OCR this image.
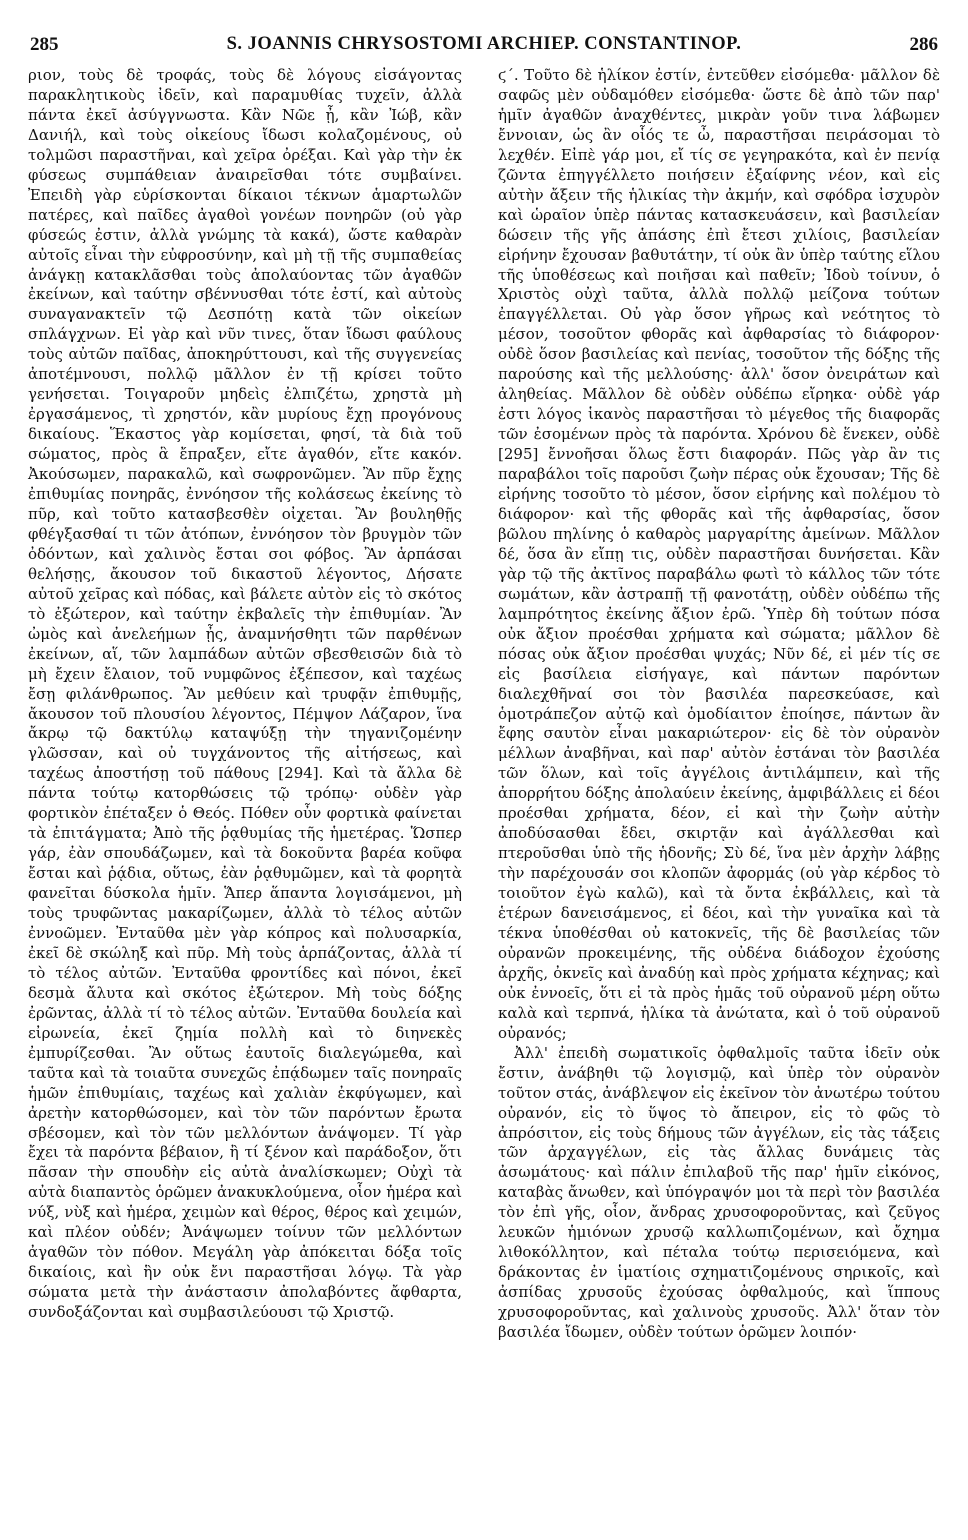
285	S. JOANNIS CHRYSOSTOMI ARCHIEP. CONSTANTINOP.	286

ριον, τοὺς δὲ τροφάς, τοὺς δὲ λόγους εἰσάγοντας παρακλητικοὺς ἰδεῖν, καὶ παραμυθίας τυχεῖν, ἀλλὰ πάντα ἐκεῖ ἀσύγγνωστα. Κἂν Νῶε ᾖ, κἂν Ἰώβ, κἂν Δανιήλ, καὶ τοὺς οἰκείους ἴδωσι κολαζομένους, οὐ τολμῶσι παραστῆναι, καὶ χεῖρα ὀρέξαι. Καὶ γὰρ τὴν ἐκ φύσεως συμπάθειαν ἀναιρεῖσθαι τότε συμβαίνει. Ἐπειδὴ γὰρ εὑρίσκονται δίκαιοι τέκνων ἁμαρτωλῶν πατέρες, καὶ παῖδες ἀγαθοὶ γονέων πονηρῶν (οὐ γὰρ φύσεώς ἐστιν, ἀλλὰ γνώμης τὰ κακά), ὥστε καθαρὰν αὐτοῖς εἶναι τὴν εὐφροσύνην, καὶ μὴ τῇ τῆς συμπαθείας ἀνάγκῃ κατακλᾶσθαι τοὺς ἀπολαύοντας τῶν ἀγαθῶν ἐκείνων, καὶ ταύτην σβέννυσθαι τότε ἐστί, καὶ αὐτοὺς συναγανακτεῖν τῷ Δεσπότῃ κατὰ τῶν οἰκείων σπλάγχνων. Εἰ γὰρ καὶ νῦν τινες, ὅταν ἴδωσι φαύλους τοὺς αὐτῶν παῖδας, ἀποκηρύττουσι, καὶ τῆς συγγενείας ἀποτέμνουσι, πολλῷ μᾶλλον ἐν τῇ κρίσει τοῦτο γενήσεται. Τοιγαροῦν μηδεὶς ἐλπιζέτω, χρηστὰ μὴ ἐργασάμενος, τὶ χρηστόν, κἂν μυρίους ἔχῃ προγόνους δικαίους. Ἕκαστος γὰρ κομίσεται, φησί, τὰ διὰ τοῦ σώματος, πρὸς ἃ ἔπραξεν, εἴτε ἀγαθόν, εἴτε κακόν. Ἀκούσωμεν, παρακαλῶ, καὶ σωφρονῶμεν. Ἂν πῦρ ἔχῃς ἐπιθυμίας πονηρᾶς, ἐννόησον τῆς κολάσεως ἐκείνης τὸ πῦρ, καὶ τοῦτο κατασβεσθὲν οἰχεται. Ἂν βουληθῇς φθέγξασθαί τι τῶν ἀτόπων, ἐννόησον τὸν βρυγμὸν τῶν ὀδόντων, καὶ χαλινὸς ἔσται σοι φόβος. Ἂν ἁρπάσαι θελήσῃς, ἄκουσον τοῦ δικαστοῦ λέγοντος, Δήσατε αὐτοῦ χεῖρας καὶ πόδας, καὶ βάλετε αὐτὸν εἰς τὸ σκότος τὸ ἐξώτερον, καὶ ταύτην ἐκβαλεῖς τὴν ἐπιθυμίαν. Ἂν ὠμὸς καὶ ἀνελεήμων ᾖς, ἀναμνήσθητι τῶν παρθένων ἐκείνων, αἵ, τῶν λαμπάδων αὐτῶν σβεσθεισῶν διὰ τὸ μὴ ἔχειν ἔλαιον, τοῦ νυμφῶνος ἐξέπεσον, καὶ ταχέως ἔσῃ φιλάνθρωπος. Ἂν μεθύειν καὶ τρυφᾷν ἐπιθυμῇς, ἄκουσον τοῦ πλουσίου λέγοντος, Πέμψον Λάζαρον, ἵνα ἄκρῳ τῷ δακτύλῳ καταψύξῃ τὴν τηγανιζομένην γλῶσσαν, καὶ οὐ τυγχάνοντος τῆς αἰτήσεως, καὶ ταχέως ἀποστήσῃ τοῦ πάθους [294]. Καὶ τὰ ἄλλα δὲ πάντα τούτῳ κατορθώσεις τῷ τρόπῳ· οὐδὲν γὰρ φορτικὸν ἐπέταξεν ὁ Θεός. Πόθεν οὖν φορτικὰ φαίνεται τὰ ἐπιτάγματα; Ἀπὸ τῆς ῥᾳθυμίας τῆς ἡμετέρας. Ὥσπερ γάρ, ἐὰν σπουδάζωμεν, καὶ τὰ δοκοῦντα βαρέα κοῦφα ἔσται καὶ ῥᾴδια, οὕτως, ἐὰν ῥᾳθυμῶμεν, καὶ τὰ φορητὰ φανεῖται δύσκολα ἡμῖν. Ἅπερ ἅπαντα λογισάμενοι, μὴ τοὺς τρυφῶντας μακαρίζωμεν, ἀλλὰ τὸ τέλος αὐτῶν ἐννοῶμεν. Ἐνταῦθα μὲν γὰρ κόπρος καὶ πολυσαρκία, ἐκεῖ δὲ σκώληξ καὶ πῦρ. Μὴ τοὺς ἁρπάζοντας, ἀλλὰ τί τὸ τέλος αὐτῶν. Ἐνταῦθα φροντίδες καὶ πόνοι, ἐκεῖ δεσμὰ ἄλυτα καὶ σκότος ἐξώτερον. Μὴ τοὺς δόξης ἐρῶντας, ἀλλὰ τί τὸ τέλος αὐτῶν. Ἐνταῦθα δουλεία καὶ εἰρωνεία, ἐκεῖ ζημία πολλὴ καὶ τὸ διηνεκὲς ἐμπυρίζεσθαι. Ἂν οὕτως ἑαυτοῖς διαλεγώμεθα, καὶ ταῦτα καὶ τὰ τοιαῦτα συνεχῶς ἐπᾴδωμεν ταῖς πονηραῖς ἡμῶν ἐπιθυμίαις, ταχέως καὶ χαλιὰν ἐκφύγωμεν, καὶ ἀρετὴν κατορθώσομεν, καὶ τὸν τῶν παρόντων ἔρωτα σβέσομεν, καὶ τὸν τῶν μελλόντων ἀνάψομεν. Τί γὰρ ἔχει τὰ παρόντα βέβαιον, ἢ τί ξένον καὶ παράδοξον, ὅτι πᾶσαν τὴν σπουδὴν εἰς αὐτὰ ἀναλίσκωμεν; Οὐχὶ τὰ αὐτὰ διαπαντὸς ὁρῶμεν ἀνακυκλούμενα, οἷον ἡμέρα καὶ νύξ, νὺξ καὶ ἡμέρα, χειμὼν καὶ θέρος, θέρος καὶ χειμών, καὶ πλέον οὐδέν; Ἀνάψωμεν τοίνυν τῶν μελλόντων ἀγαθῶν τὸν πόθον. Μεγάλη γὰρ ἀπόκειται δόξα τοῖς δικαίοις, καὶ ἣν οὐκ ἔνι παραστῆσαι λόγῳ. Τὰ γὰρ σώματα μετὰ τὴν ἀνάστασιν ἀπολαβόντες ἄφθαρτα, συνδοξάζονται καὶ συμβασιλεύουσι τῷ Χριστῷ.

ϛ΄. Τοῦτο δὲ ἡλίκον ἐστίν, ἐντεῦθεν εἰσόμεθα· μᾶλλον δὲ σαφῶς μὲν οὐδαμόθεν εἰσόμεθα· ὥστε δὲ ἀπὸ τῶν παρ' ἡμῖν ἀγαθῶν ἀναχθέντες, μικρὰν γοῦν τινα λάβωμεν ἔννοιαν, ὡς ἂν οἷός τε ὦ, παραστῆσαι πειράσομαι τὸ λεχθέν. Εἰπὲ γάρ μοι, εἴ τίς σε γεγηρακότα, καὶ ἐν πενίᾳ ζῶντα ἐπηγγέλλετο ποιήσειν ἐξαίφνης νέον, καὶ εἰς αὐτὴν ἄξειν τῆς ἡλικίας τὴν ἀκμήν, καὶ σφόδρα ἰσχυρὸν καὶ ὡραῖον ὑπὲρ πάντας κατασκευάσειν, καὶ βασιλείαν δώσειν τῆς γῆς ἁπάσης ἐπὶ ἔτεσι χιλίοις, βασιλείαν εἰρήνην ἔχουσαν βαθυτάτην, τί οὐκ ἂν ὑπὲρ ταύτης εἵλου τῆς ὑποθέσεως καὶ ποιῆσαι καὶ παθεῖν; Ἰδοὺ τοίνυν, ὁ Χριστὸς οὐχὶ ταῦτα, ἀλλὰ πολλῷ μείζονα τούτων ἐπαγγέλλεται. Οὐ γὰρ ὅσον γῆρως καὶ νεότητος τὸ μέσον, τοσοῦτον φθορᾶς καὶ ἀφθαρσίας τὸ διάφορον· οὐδὲ ὅσον βασιλείας καὶ πενίας, τοσοῦτον τῆς δόξης τῆς παρούσης καὶ τῆς μελλούσης· ἀλλ' ὅσον ὀνειράτων καὶ ἀληθείας. Μᾶλλον δὲ οὐδὲν οὐδέπω εἴρηκα· οὐδὲ γάρ ἐστι λόγος ἱκανὸς παραστῆσαι τὸ μέγεθος τῆς διαφορᾶς τῶν ἐσομένων πρὸς τὰ παρόντα. Χρόνου δὲ ἕνεκεν, οὐδὲ [295] ἔννοῆσαι ὅλως ἔστι διαφοράν. Πῶς γὰρ ἂν τις παραβάλοι τοῖς παροῦσι ζωὴν πέρας οὐκ ἔχουσαν; Τῆς δὲ εἰρήνης τοσοῦτο τὸ μέσον, ὅσον εἰρήνης καὶ πολέμου τὸ διάφορον· καὶ τῆς φθορᾶς καὶ τῆς ἀφθαρσίας, ὅσον βῶλου πηλίνης ὁ καθαρὸς μαργαρίτης ἀμείνων. Μᾶλλον δέ, ὅσα ἂν εἴπῃ τις, οὐδὲν παραστῆσαι δυνήσεται. Κἂν γὰρ τῷ τῆς ἀκτῖνος παραβάλω φωτὶ τὸ κάλλος τῶν τότε σωμάτων, κἂν ἀστραπῇ τῇ φανοτάτῃ, οὐδὲν οὐδέπω τῆς λαμπρότητος ἐκείνης ἄξιον ἐρῶ. Ὑπὲρ δὴ τούτων πόσα οὐκ ἄξιον προέσθαι χρήματα καὶ σώματα; μᾶλλον δὲ πόσας οὐκ ἄξιον προέσθαι ψυχάς; Νῦν δέ, εἰ μέν τίς σε εἰς βασίλεια εἰσήγαγε, καὶ πάντων παρόντων διαλεχθῆναί σοι τὸν βασιλέα παρεσκεύασε, καὶ ὁμοτράπεζον αὐτῷ καὶ ὁμοδίαιτον ἐποίησε, πάντων ἂν ἔφης σαυτὸν εἶναι μακαριώτερον· εἰς δὲ τὸν οὐρανὸν μέλλων ἀναβῆναι, καὶ παρ' αὐτὸν ἑστάναι τὸν βασιλέα τῶν ὅλων, καὶ τοῖς ἀγγέλοις ἀντιλάμπειν, καὶ τῆς ἀπορρήτου δόξης ἀπολαύειν ἐκείνης, ἀμφιβάλλεις εἰ δέοι προέσθαι χρήματα, δέον, εἰ καὶ τὴν ζωὴν αὐτὴν ἀποδύσασθαι ἔδει, σκιρτᾷν καὶ ἀγάλλεσθαι καὶ πτεροῦσθαι ὑπὸ τῆς ἡδονῆς; Σὺ δέ, ἵνα μὲν ἀρχὴν λάβῃς τὴν παρέχουσάν σοι κλοπῶν ἀφορμάς (οὐ γὰρ κέρδος τὸ τοιοῦτον ἐγὼ καλῶ), καὶ τὰ ὄντα ἐκβάλλεις, καὶ τὰ ἑτέρων δανεισάμενος, εἰ δέοι, καὶ τὴν γυναῖκα καὶ τὰ τέκνα ὑποθέσθαι οὐ κατοκνεῖς, τῆς δὲ βασιλείας τῶν οὐρανῶν προκειμένης, τῆς οὐδένα διάδοχον ἐχούσης ἀρχῆς, ὀκνεῖς καὶ ἀναδύῃ καὶ πρὸς χρήματα κέχηνας; καὶ οὐκ ἐννοεῖς, ὅτι εἰ τὰ πρὸς ἡμᾶς τοῦ οὐρανοῦ μέρη οὕτω καλὰ καὶ τερπνά, ἡλίκα τὰ ἀνώτατα, καὶ ὁ τοῦ οὐρανοῦ οὐρανός;

Ἀλλ' ἐπειδὴ σωματικοῖς ὀφθαλμοῖς ταῦτα ἰδεῖν οὐκ ἔστιν, ἀνάβηθι τῷ λογισμῷ, καὶ ὑπὲρ τὸν οὐρανὸν τοῦτον στάς, ἀνάβλεψον εἰς ἐκεῖνον τὸν ἀνωτέρω τούτου οὐρανόν, εἰς τὸ ὕψος τὸ ἄπειρον, εἰς τὸ φῶς τὸ ἀπρόσιτον, εἰς τοὺς δήμους τῶν ἀγγέλων, εἰς τὰς τάξεις τῶν ἀρχαγγέλων, εἰς τὰς ἄλλας δυνάμεις τὰς ἀσωμάτους· καὶ πάλιν ἐπιλαβοῦ τῆς παρ' ἡμῖν εἰκόνος, καταβὰς ἄνωθεν, καὶ ὑπόγραψόν μοι τὰ περὶ τὸν βασιλέα τὸν ἐπὶ γῆς, οἷον, ἄνδρας χρυσοφοροῦντας, καὶ ζεῦγος λευκῶν ἡμιόνων χρυσῷ καλλωπιζομένων, καὶ ὄχημα λιθοκόλλητον, καὶ πέταλα τούτῳ περισειόμενα, καὶ δράκοντας ἐν ἱματίοις σχηματιζομένους σηρικοῖς, καὶ ἀσπίδας χρυσοῦς ἐχούσας ὀφθαλμούς, καὶ ἵππους χρυσοφοροῦντας, καὶ χαλινοὺς χρυσοῦς. Ἀλλ' ὅταν τὸν βασιλέα ἴδωμεν, οὐδὲν τούτων ὁρῶμεν λοιπόν·
